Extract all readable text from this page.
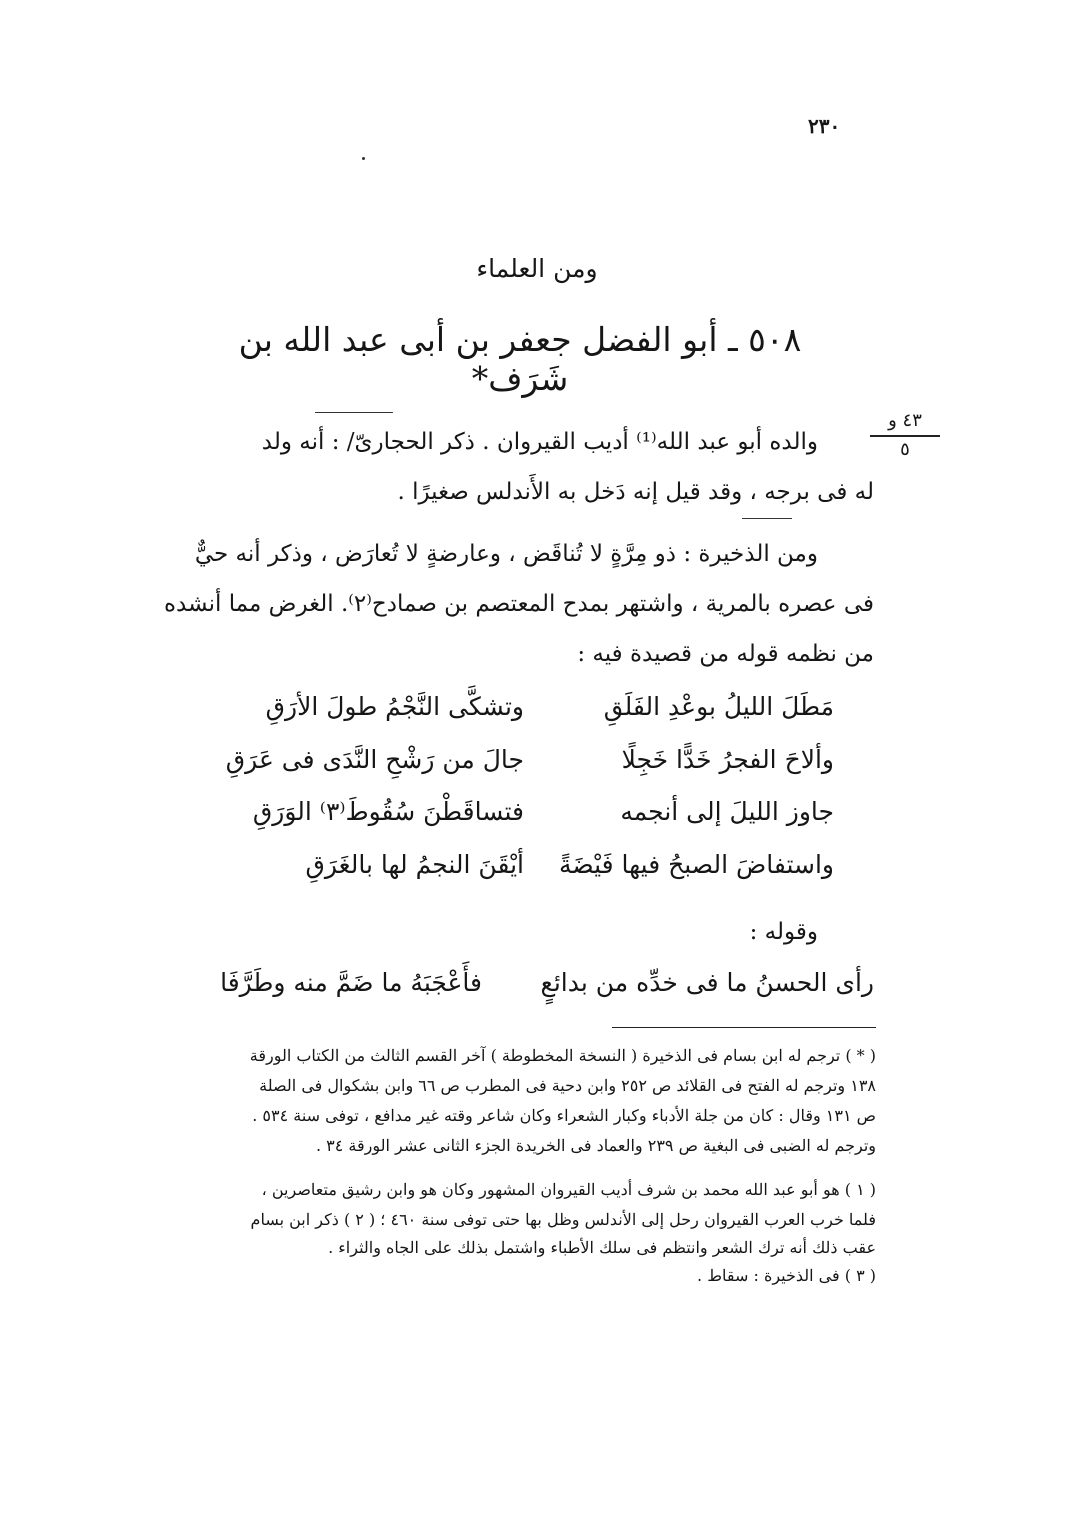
٢٣٠
ومن العلماء
٥٠٨ ـ أبو الفضل جعفر بن أبى عبد الله بن شَرَف*
٤٣ و
٥
والده أبو عبد الله⁽¹⁾ أديب القيروان . ذكر الحجارىّ/ : أنه ولد
له فى برجه ، وقد قيل إنه دَخل به الأَندلس صغيرًا .
ومن الذخيرة : ذو مِرَّةٍ لا تُناقَض ، وعارضةٍ لا تُعارَض ، وذكر أنه حيٌّ
فى عصره بالمرية ، واشتهر بمدح المعتصم بن صمادح⁽٢⁾. الغرض مما أنشده
من نظمه قوله من قصيدة فيه :
مَطَلَ الليلُ بوعْدِ الفَلَقِ
وتشكَّى النَّجْمُ طولَ الأرَقِ
وألاحَ الفجرُ خَدًّا خَجِلًا
جالَ من رَشْحِ النَّدَى فى عَرَقِ
جاوز الليلَ إلى أنجمه
فتساقَطْنَ سُقُوطَ⁽٣⁾ الوَرَقِ
واستفاضَ الصبحُ فيها فَيْضَةً
أيْقَنَ النجمُ لها بالغَرَقِ
وقوله :
رأى الحسنُ ما فى خدِّه من بدائعٍ
فأَعْجَبَهُ ما ضَمَّ منه وطَرَّفَا
( * ) ترجم له ابن بسام فى الذخيرة ( النسخة المخطوطة ) آخر القسم الثالث من الكتاب الورقة
١٣٨ وترجم له الفتح فى القلائد ص ٢٥٢ وابن دحية فى المطرب ص ٦٦ وابن بشكوال فى الصلة
ص ١٣١ وقال : كان من جلة الأدباء وكبار الشعراء وكان شاعر وقته غير مدافع ، توفى سنة ٥٣٤ .
وترجم له الضبى فى البغية ص ٢٣٩ والعماد فى الخريدة الجزء الثانى عشر الورقة ٣٤ .
( ١ ) هو أبو عبد الله محمد بن شرف أديب القيروان المشهور وكان هو وابن رشيق متعاصرين ،
فلما خرب العرب القيروان رحل إلى الأندلس وظل بها حتى توفى سنة ٤٦٠ ؛ ( ٢ ) ذكر ابن بسام
عقب ذلك أنه ترك الشعر وانتظم فى سلك الأطباء واشتمل بذلك على الجاه والثراء .
( ٣ ) فى الذخيرة : سقاط .
